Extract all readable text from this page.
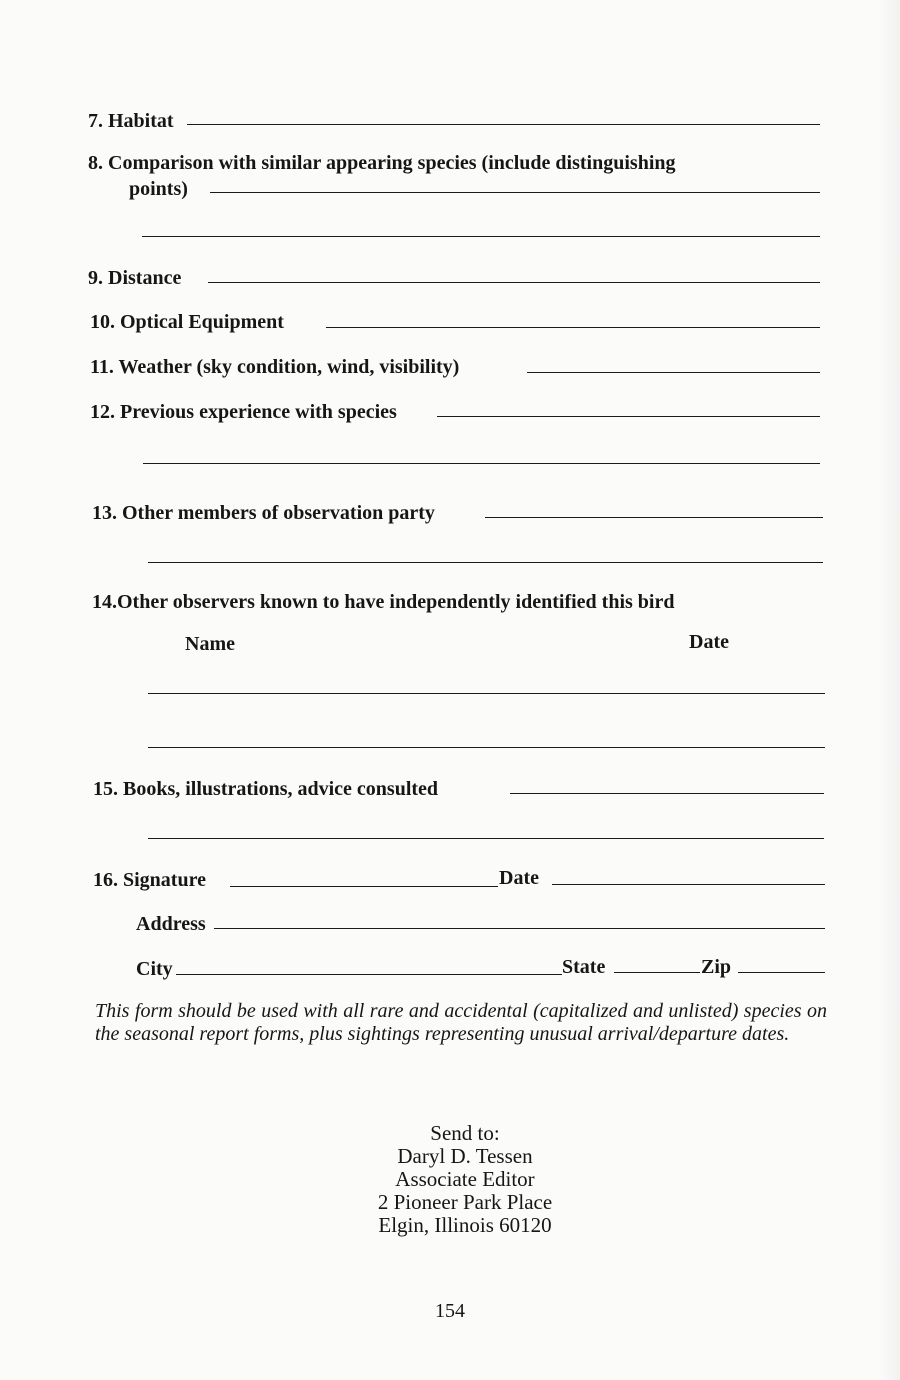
7. Habitat
8. Comparison with similar appearing species (include distinguishing
points)
9. Distance
10. Optical Equipment
11. Weather (sky condition, wind, visibility)
12. Previous experience with species
13. Other members of observation party
14.Other observers known to have independently identified this bird
Name	Date
15. Books, illustrations, advice consulted
16. Signature	Date
Address
City	State	Zip
This form should be used with all rare and accidental (capitalized and unlisted) species on the seasonal report forms, plus sightings representing unusual arrival/departure dates.
Send to:
Daryl D. Tessen
Associate Editor
2 Pioneer Park Place
Elgin, Illinois 60120
154
